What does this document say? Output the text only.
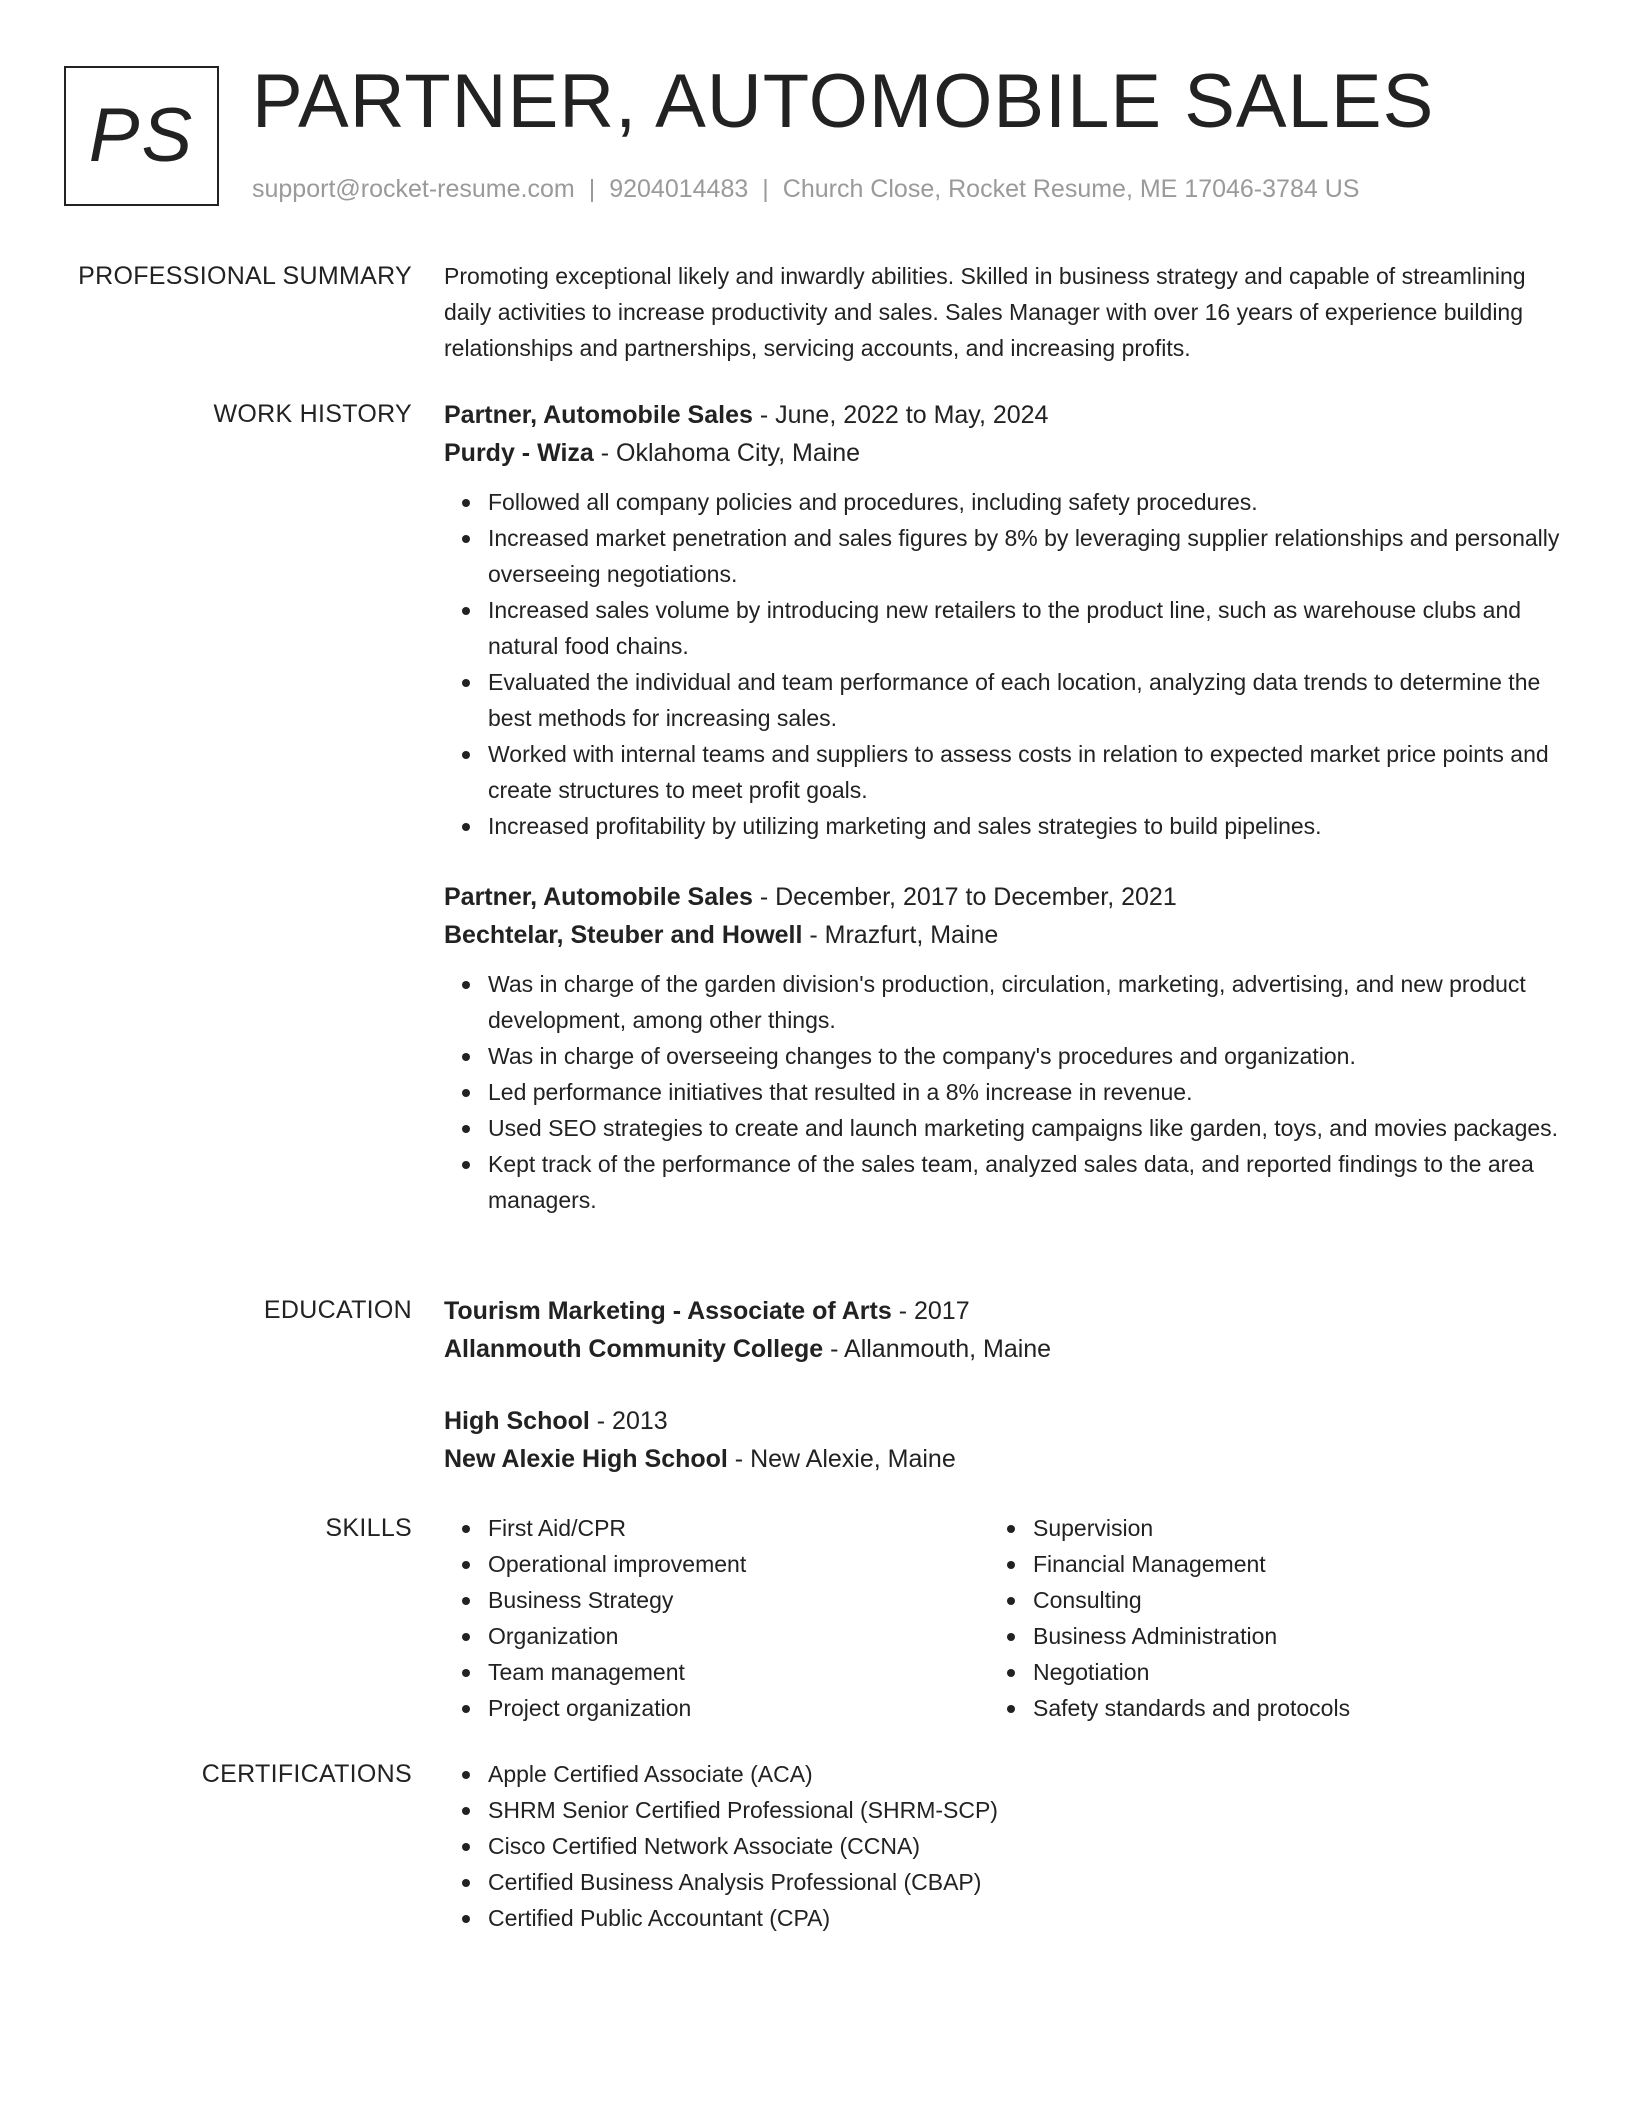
PS PARTNER, AUTOMOBILE SALES
support@rocket-resume.com | 9204014483 | Church Close, Rocket Resume, ME 17046-3784 US
PROFESSIONAL SUMMARY Promoting exceptional likely and inwardly abilities. Skilled in business strategy and capable of streamlining daily activities to increase productivity and sales. Sales Manager with over 16 years of experience building relationships and partnerships, servicing accounts, and increasing profits.

WORK HISTORY Partner, Automobile Sales - June, 2022 to May, 2024

Purdy - Wiza - Oklahoma City, Maine

Followed all company policies and procedures, including safety procedures.
Increased market penetration and sales figures by 8% by leveraging supplier relationships and personally overseeing negotiations.
Increased sales volume by introducing new retailers to the product line, such as warehouse clubs and natural food chains.
Evaluated the individual and team performance of each location, analyzing data trends to determine the best methods for increasing sales.
Worked with internal teams and suppliers to assess costs in relation to expected market price points and create structures to meet profit goals.
Increased profitability by utilizing marketing and sales strategies to build pipelines.

Partner, Automobile Sales - December, 2017 to December, 2021

Bechtelar, Steuber and Howell - Mrazfurt, Maine

Was in charge of the garden division's production, circulation, marketing, advertising, and new product development, among other things.
Was in charge of overseeing changes to the company's procedures and organization.
Led performance initiatives that resulted in a 8% increase in revenue.
Used SEO strategies to create and launch marketing campaigns like garden, toys, and movies packages.
Kept track of the performance of the sales team, analyzed sales data, and reported findings to the area managers.
EDUCATION Tourism Marketing - Associate of Arts - 2017

Allanmouth Community College - Allanmouth, Maine

High School - 2013

New Alexie High School - New Alexie, Maine

SKILLS	First Aid/CPR
Operational improvement
Business Strategy
Organization
Team management
Project organization
Supervision
Financial Management
Consulting
Business Administration
Negotiation
Safety standards and protocols
CERTIFICATIONS	Apple Certified Associate (ACA)
SHRM Senior Certified Professional (SHRM-SCP)
Cisco Certified Network Associate (CCNA)
Certified Business Analysis Professional (CBAP)
Certified Public Accountant (CPA)
